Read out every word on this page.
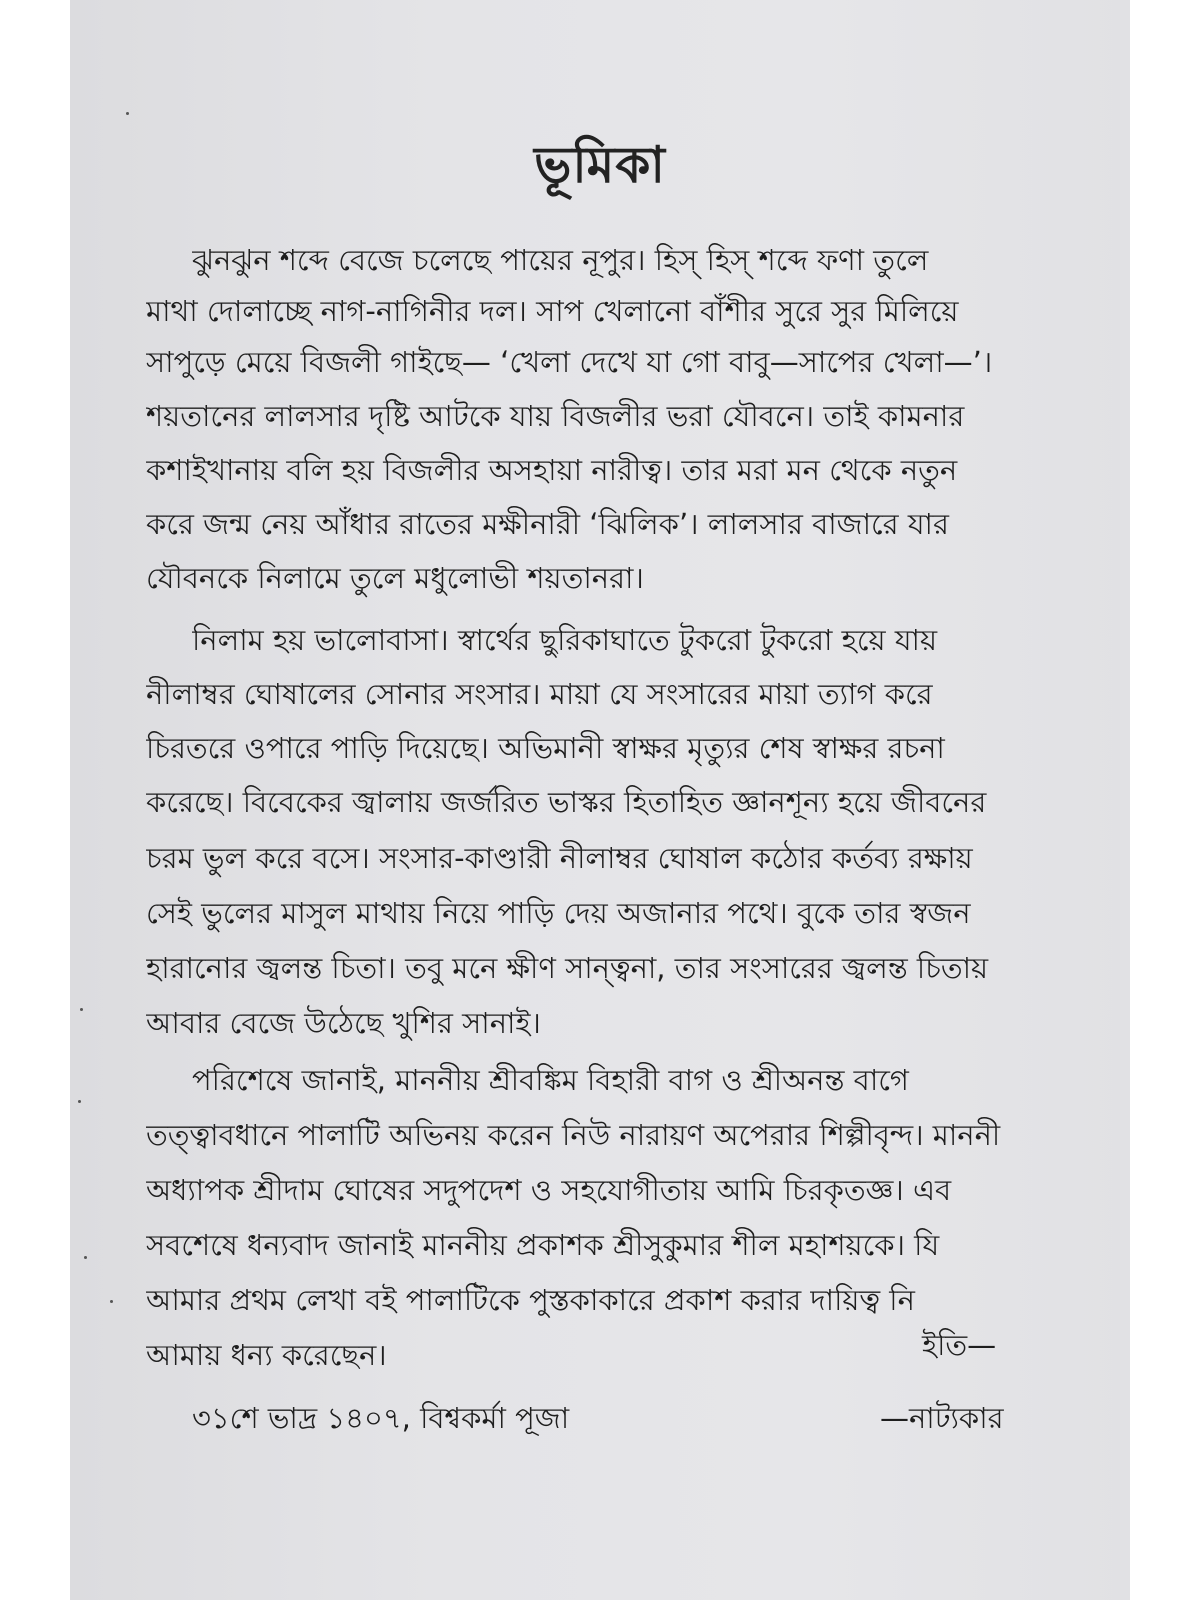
ভূমিকা
ঝুনঝুন শব্দে বেজে চলেছে পায়ের নূপুর। হিস্ হিস্ শব্দে ফণা তুলে
মাথা দোলাচ্ছে নাগ-নাগিনীর দল। সাপ খেলানো বাঁশীর সুরে সুর মিলিয়ে
সাপুড়ে মেয়ে বিজলী গাইছে— ‘খেলা দেখে যা গো বাবু—সাপের খেলা—’।
শয়তানের লালসার দৃষ্টি আটকে যায় বিজলীর ভরা যৌবনে। তাই কামনার
কশাইখানায় বলি হয় বিজলীর অসহায়া নারীত্ব। তার মরা মন থেকে নতুন
করে জন্ম নেয় আঁধার রাতের মক্ষীনারী ‘ঝিলিক’। লালসার বাজারে যার
যৌবনকে নিলামে তুলে মধুলোভী শয়তানরা।
নিলাম হয় ভালোবাসা। স্বার্থের ছুরিকাঘাতে টুকরো টুকরো হয়ে যায়
নীলাম্বর ঘোষালের সোনার সংসার। মায়া যে সংসারের মায়া ত্যাগ করে
চিরতরে ওপারে পাড়ি দিয়েছে। অভিমানী স্বাক্ষর মৃত্যুর শেষ স্বাক্ষর রচনা
করেছে। বিবেকের জ্বালায় জর্জরিত ভাস্কর হিতাহিত জ্ঞানশূন্য হয়ে জীবনের
চরম ভুল করে বসে। সংসার-কাণ্ডারী নীলাম্বর ঘোষাল কঠোর কর্তব্য রক্ষায়
সেই ভুলের মাসুল মাথায় নিয়ে পাড়ি দেয় অজানার পথে। বুকে তার স্বজন
হারানোর জ্বলন্ত চিতা। তবু মনে ক্ষীণ সান্ত্বনা, তার সংসারের জ্বলন্ত চিতায়
আবার বেজে উঠেছে খুশির সানাই।
পরিশেষে জানাই, মাননীয় শ্রীবঙ্কিম বিহারী বাগ ও শ্রীঅনন্ত বাগে
তত্ত্বাবধানে পালাটি অভিনয় করেন নিউ নারায়ণ অপেরার শিল্পীবৃন্দ। মাননী
অধ্যাপক শ্রীদাম ঘোষের সদুপদেশ ও সহযোগীতায় আমি চিরকৃতজ্ঞ। এব
সবশেষে ধন্যবাদ জানাই মাননীয় প্রকাশক শ্রীসুকুমার শীল মহাশয়কে। যি
আমার প্রথম লেখা বই পালাটিকে পুস্তকাকারে প্রকাশ করার দায়িত্ব নি
আমায় ধন্য করেছেন।	ইতি—
৩১শে ভাদ্র ১৪০৭, বিশ্বকর্মা পূজা	—নাট্যকার
